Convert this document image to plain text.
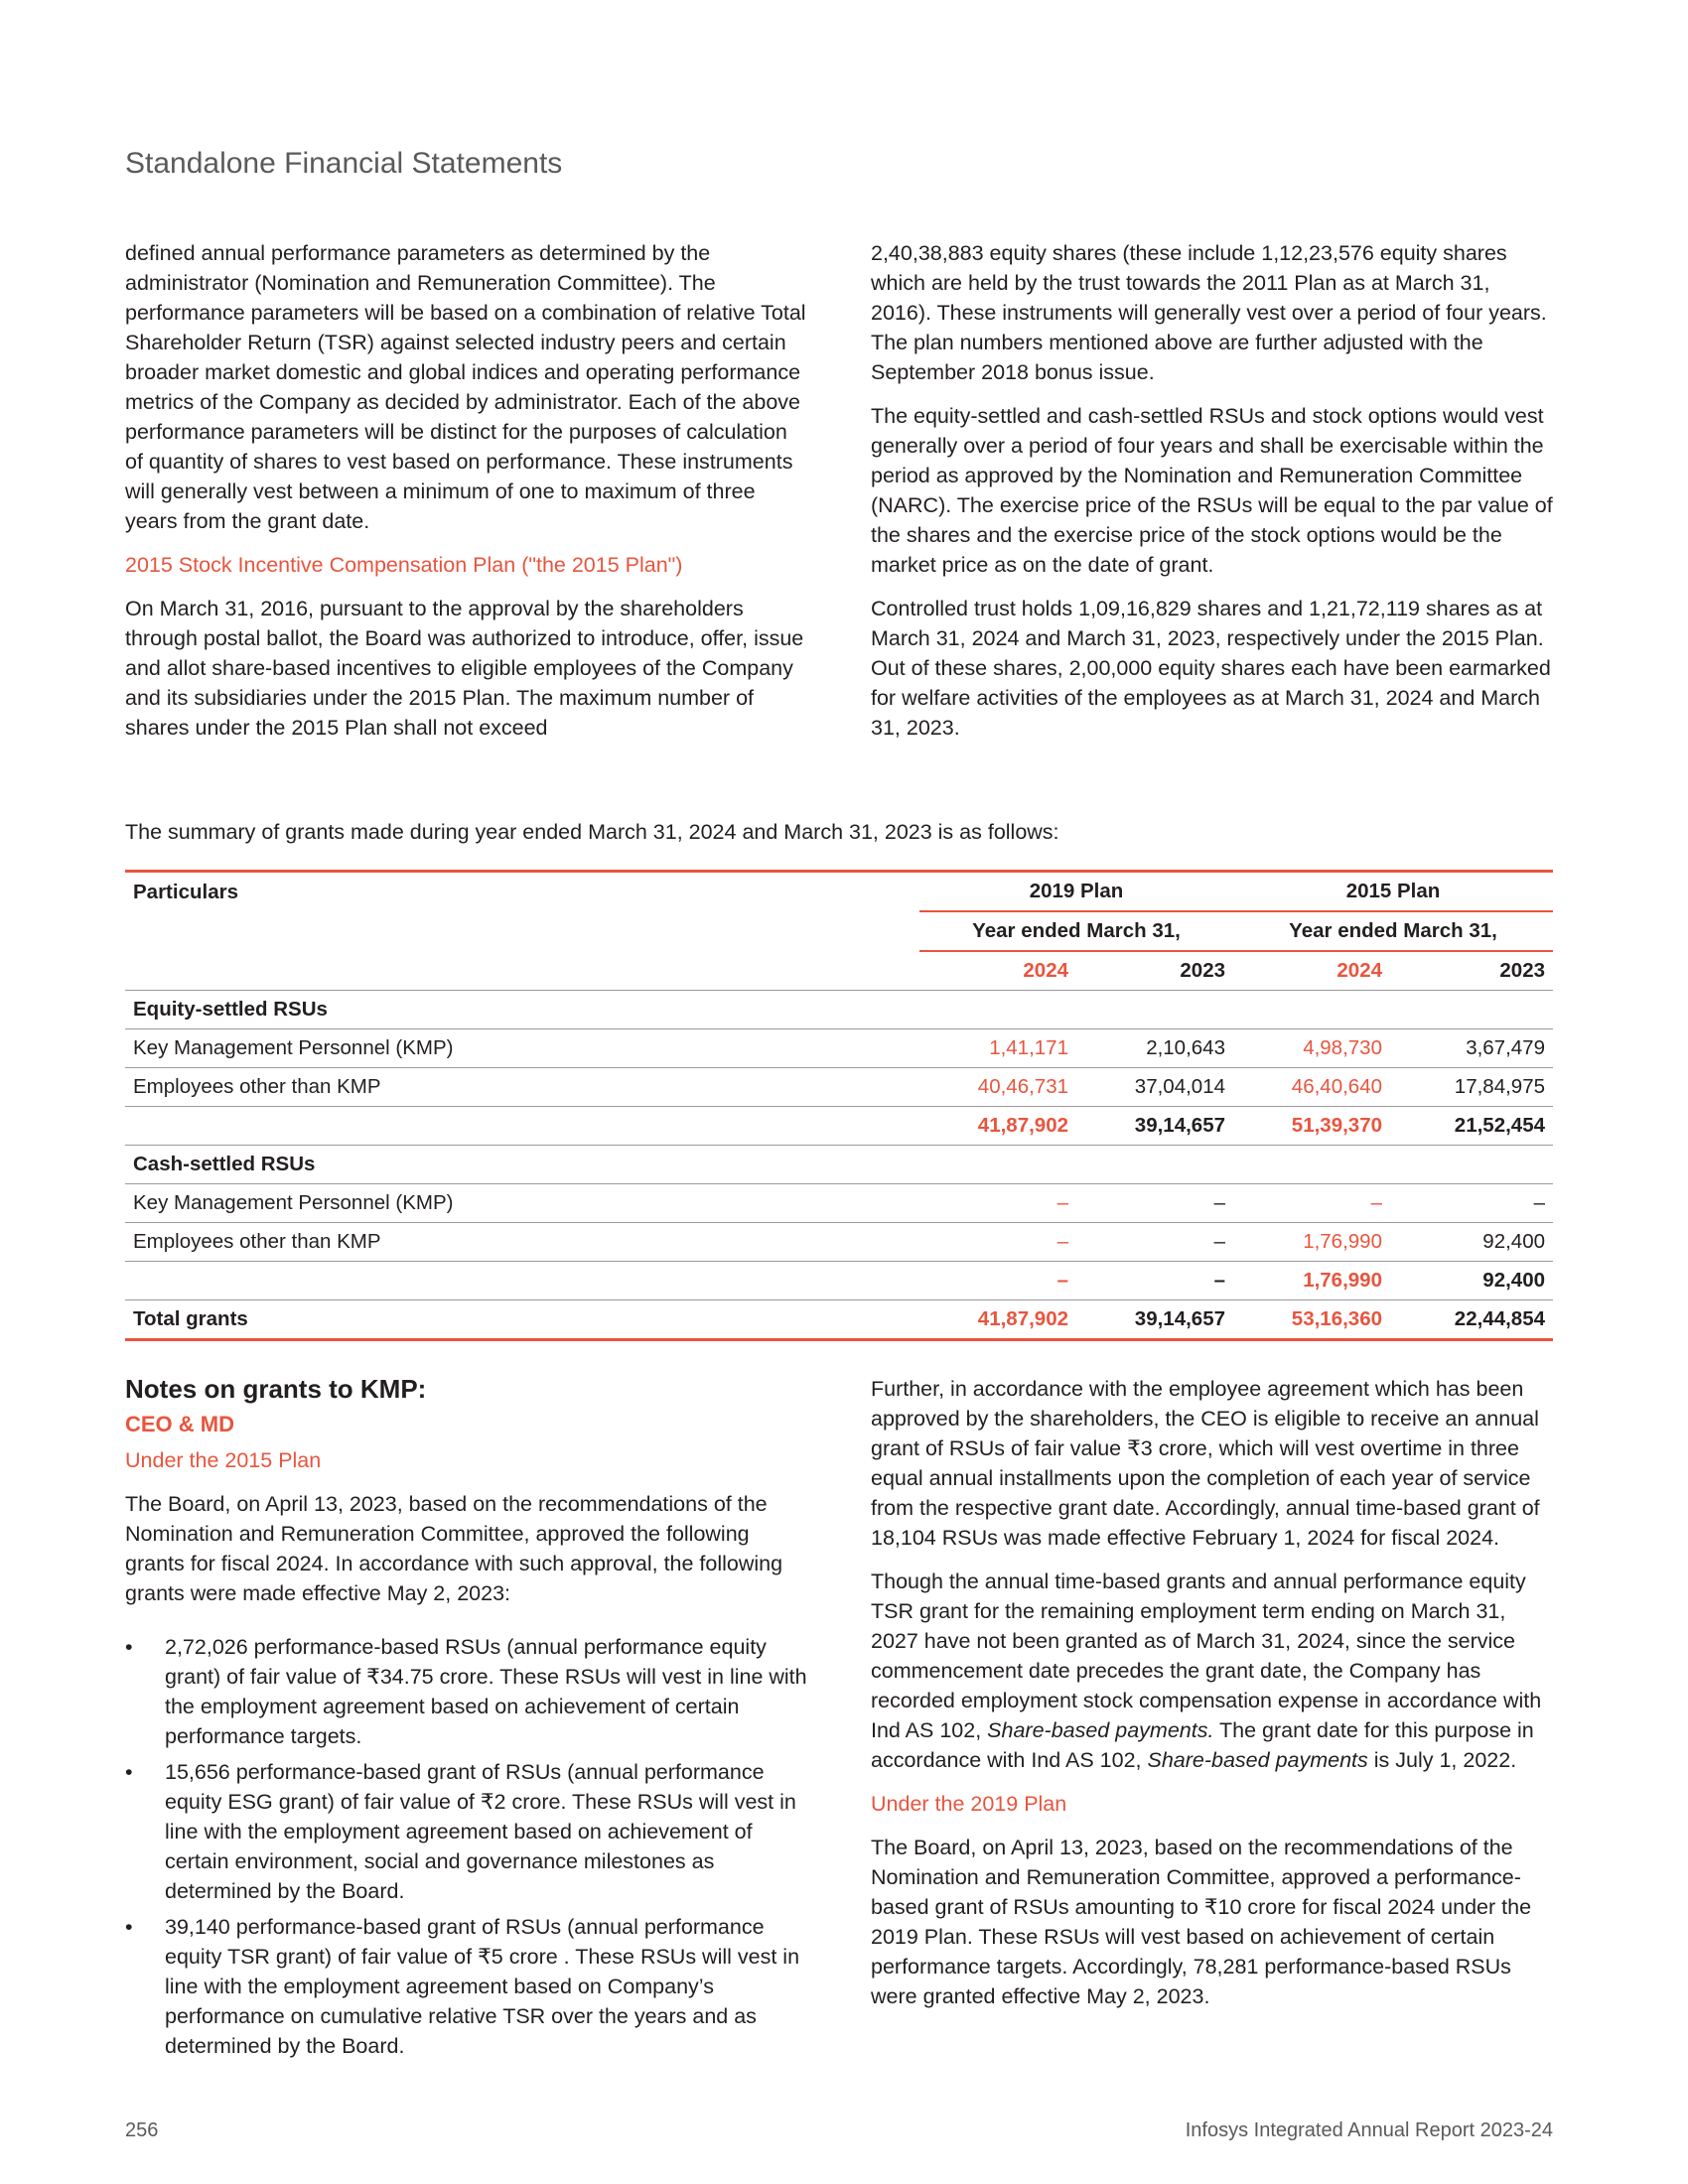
Standalone Financial Statements

defined annual performance parameters as determined by the administrator (Nomination and Remuneration Committee). The performance parameters will be based on a combination of relative Total Shareholder Return (TSR) against selected industry peers and certain broader market domestic and global indices and operating performance metrics of the Company as decided by administrator. Each of the above performance parameters will be distinct for the purposes of calculation of quantity of shares to vest based on performance. These instruments will generally vest between a minimum of one to maximum of three years from the grant date.

2015 Stock Incentive Compensation Plan ("the 2015 Plan")

On March 31, 2016, pursuant to the approval by the shareholders through postal ballot, the Board was authorized to introduce, offer, issue and allot share-based incentives to eligible employees of the Company and its subsidiaries under the 2015 Plan. The maximum number of shares under the 2015 Plan shall not exceed

2,40,38,883 equity shares (these include 1,12,23,576 equity shares which are held by the trust towards the 2011 Plan as at March 31, 2016). These instruments will generally vest over a period of four years. The plan numbers mentioned above are further adjusted with the September 2018 bonus issue.

The equity-settled and cash-settled RSUs and stock options would vest generally over a period of four years and shall be exercisable within the period as approved by the Nomination and Remuneration Committee (NARC). The exercise price of the RSUs will be equal to the par value of the shares and the exercise price of the stock options would be the market price as on the date of grant.

Controlled trust holds 1,09,16,829 shares and 1,21,72,119 shares as at March 31, 2024 and March 31, 2023, respectively under the 2015 Plan. Out of these shares, 2,00,000 equity shares each have been earmarked for welfare activities of the employees as at March 31, 2024 and March 31, 2023.

The summary of grants made during year ended March 31, 2024 and March 31, 2023 is as follows:
Particulars	2019 Plan		2015 Plan	
	Year ended March 31,		Year ended March 31,	
	2024	2023	2024	2023
Equity-settled RSUs				
Key Management Personnel (KMP)	1,41,171	2,10,643	4,98,730	3,67,479
Employees other than KMP	40,46,731	37,04,014	46,40,640	17,84,975
	41,87,902	39,14,657	51,39,370	21,52,454
Cash-settled RSUs				
Key Management Personnel (KMP)	–	–	–	–
Employees other than KMP	–	–	1,76,990	92,400
	–	–	1,76,990	92,400
Total grants	41,87,902	39,14,657	53,16,360	22,44,854
Notes on grants to KMP:
CEO & MD

Under the 2015 Plan

The Board, on April 13, 2023, based on the recommendations of the Nomination and Remuneration Committee, approved the following grants for fiscal 2024. In accordance with such approval, the following grants were made effective May 2, 2023:

• 2,72,026 performance-based RSUs (annual performance equity grant) of fair value of ₹34.75 crore. These RSUs will vest in line with the employment agreement based on achievement of certain performance targets.
• 15,656 performance-based grant of RSUs (annual performance equity ESG grant) of fair value of ₹2 crore. These RSUs will vest in line with the employment agreement based on achievement of certain environment, social and governance milestones as determined by the Board.
• 39,140 performance-based grant of RSUs (annual performance equity TSR grant) of fair value of ₹5 crore . These RSUs will vest in line with the employment agreement based on Company’s performance on cumulative relative TSR over the years and as determined by the Board.

Further, in accordance with the employee agreement which has been approved by the shareholders, the CEO is eligible to receive an annual grant of RSUs of fair value ₹3 crore, which will vest overtime in three equal annual installments upon the completion of each year of service from the respective grant date. Accordingly, annual time-based grant of 18,104 RSUs was made effective February 1, 2024 for fiscal 2024.

Though the annual time-based grants and annual performance equity TSR grant for the remaining employment term ending on March 31, 2027 have not been granted as of March 31, 2024, since the service commencement date precedes the grant date, the Company has recorded employment stock compensation expense in accordance with Ind AS 102, Share-based payments. The grant date for this purpose in accordance with Ind AS 102, Share-based payments is July 1, 2022.

Under the 2019 Plan

The Board, on April 13, 2023, based on the recommendations of the Nomination and Remuneration Committee, approved a performance-based grant of RSUs amounting to ₹10 crore for fiscal 2024 under the 2019 Plan. These RSUs will vest based on achievement of certain performance targets. Accordingly, 78,281 performance-based RSUs were granted effective May 2, 2023.

256	Infosys Integrated Annual Report 2023-24
